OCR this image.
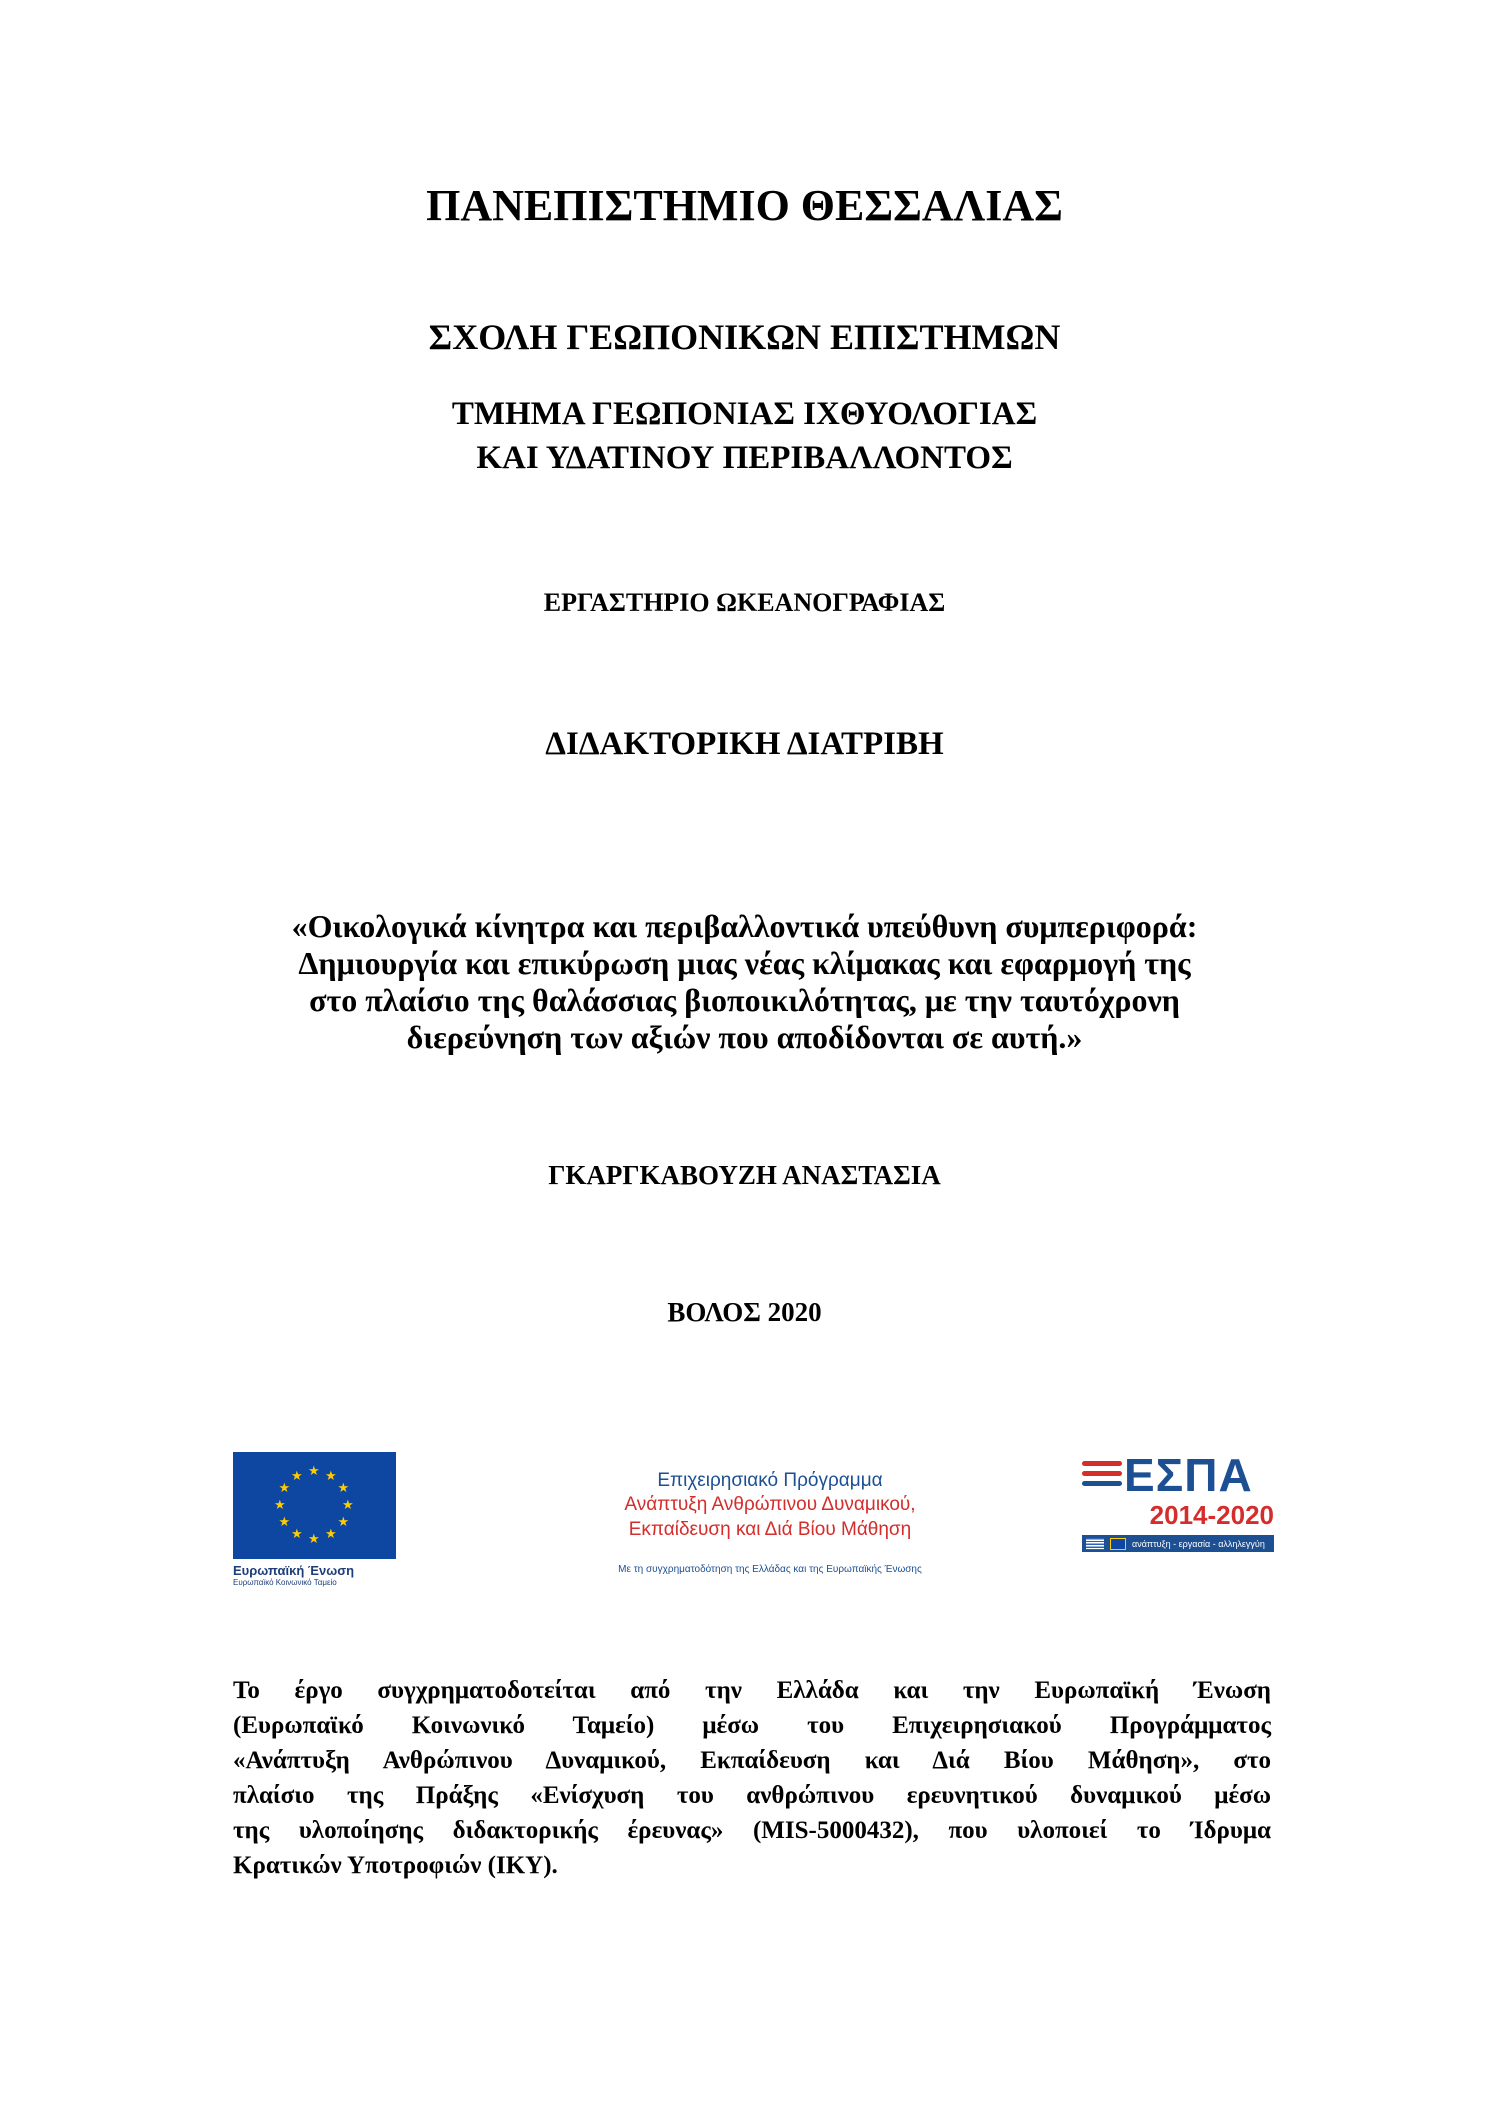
ΠΑΝΕΠΙΣΤΗΜΙΟ ΘΕΣΣΑΛΙΑΣ
ΣΧΟΛΗ ΓΕΩΠΟΝΙΚΩΝ ΕΠΙΣΤΗΜΩΝ
ΤΜΗΜΑ ΓΕΩΠΟΝΙΑΣ ΙΧΘΥΟΛΟΓΙΑΣ
ΚΑΙ ΥΔΑΤΙΝΟΥ ΠΕΡΙΒΑΛΛΟΝΤΟΣ
ΕΡΓΑΣΤΗΡΙΟ ΩΚΕΑΝΟΓΡΑΦΙΑΣ
ΔΙΔΑΚΤΟΡΙΚΗ ΔΙΑΤΡΙΒΗ
«Οικολογικά κίνητρα και περιβαλλοντικά υπεύθυνη συμπεριφορά:
Δημιουργία και επικύρωση μιας νέας κλίμακας και εφαρμογή της
στο πλαίσιο της θαλάσσιας βιοποικιλότητας, με την ταυτόχρονη
διερεύνηση των αξιών που αποδίδονται σε αυτή.»
ΓΚΑΡΓΚΑΒΟΥΖΗ ΑΝΑΣΤΑΣΙΑ
ΒΟΛΟΣ 2020
★ ★
★
★
★
★
★
★
★
★
★
★
Ευρωπαϊκή Ένωση
Ευρωπαϊκό Κοινωνικό Ταμείο
Επιχειρησιακό Πρόγραμμα
Ανάπτυξη Ανθρώπινου Δυναμικού,
Εκπαίδευση και Διά Βίου Μάθηση
Με τη συγχρηματοδότηση της Ελλάδας και της Ευρωπαϊκής Ένωσης
ΕΣΠΑ
2014-2020
ανάπτυξη - εργασία - αλληλεγγύη
Το έργο συγχρηματοδοτείται από την Ελλάδα και την Ευρωπαϊκή Ένωση
(Ευρωπαϊκό Κοινωνικό Ταμείο) μέσω του Επιχειρησιακού Προγράμματος
«Ανάπτυξη Ανθρώπινου Δυναμικού, Εκπαίδευση και Διά Βίου Μάθηση», στο
πλαίσιο της Πράξης «Ενίσχυση του ανθρώπινου ερευνητικού δυναμικού μέσω
της υλοποίησης διδακτορικής έρευνας» (MIS-5000432), που υλοποιεί το Ίδρυμα
Κρατικών Υποτροφιών (ΙΚΥ).
